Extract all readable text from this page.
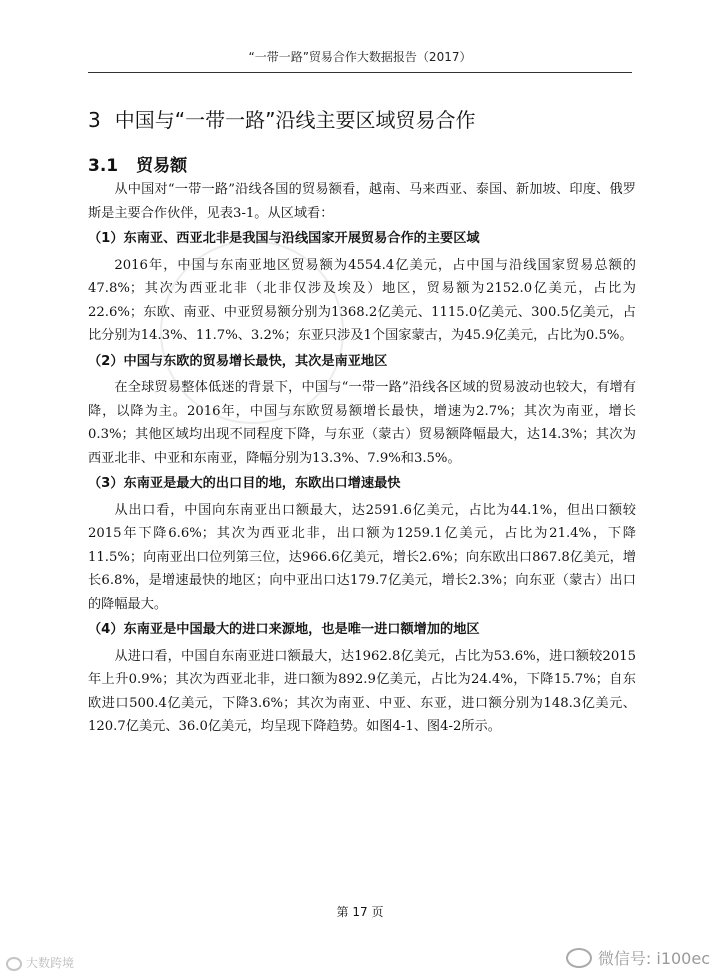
“一带一路”贸易合作大数据报告（2017）
3 中国与“一带一路”沿线主要区域贸易合作
3.1 贸易额

从中国对“一带一路”沿线各国的贸易额看，越南、马来西亚、泰国、新加坡、印度、俄罗斯是主要合作伙伴，见表3-1。从区域看：

（1）东南亚、西亚北非是我国与沿线国家开展贸易合作的主要区域

2016年，中国与东南亚地区贸易额为4554.4亿美元，占中国与沿线国家贸易总额的47.8%；其次为西亚北非（北非仅涉及埃及）地区，贸易额为2152.0亿美元，占比为22.6%；东欧、南亚、中亚贸易额分别为1368.2亿美元、1115.0亿美元、300.5亿美元，占比分别为14.3%、11.7%、3.2%；东亚只涉及1个国家蒙古，为45.9亿美元，占比为0.5%。

（2）中国与东欧的贸易增长最快，其次是南亚地区

在全球贸易整体低迷的背景下，中国与“一带一路”沿线各区域的贸易波动也较大，有增有降，以降为主。2016年，中国与东欧贸易额增长最快，增速为2.7%；其次为南亚，增长0.3%；其他区域均出现不同程度下降，与东亚（蒙古）贸易额降幅最大，达14.3%；其次为西亚北非、中亚和东南亚，降幅分别为13.3%、7.9%和3.5%。

（3）东南亚是最大的出口目的地，东欧出口增速最快

从出口看，中国向东南亚出口额最大，达2591.6亿美元，占比为44.1%，但出口额较2015年下降6.6%；其次为西亚北非，出口额为1259.1亿美元，占比为21.4%，下降11.5%；向南亚出口位列第三位，达966.6亿美元，增长2.6%；向东欧出口867.8亿美元，增长6.8%，是增速最快的地区；向中亚出口达179.7亿美元，增长2.3%；向东亚（蒙古）出口的降幅最大。

（4）东南亚是中国最大的进口来源地，也是唯一进口额增加的地区

从进口看，中国自东南亚进口额最大，达1962.8亿美元，占比为53.6%，进口额较2015年上升0.9%；其次为西亚北非，进口额为892.9亿美元，占比为24.4%，下降15.7%；自东欧进口500.4亿美元，下降3.6%；其次为南亚、中亚、东亚，进口额分别为148.3亿美元、120.7亿美元、36.0亿美元，均呈现下降趋势。如图4-1、图4-2所示。

第 17 页
大数跨境	微信号: i100ec
